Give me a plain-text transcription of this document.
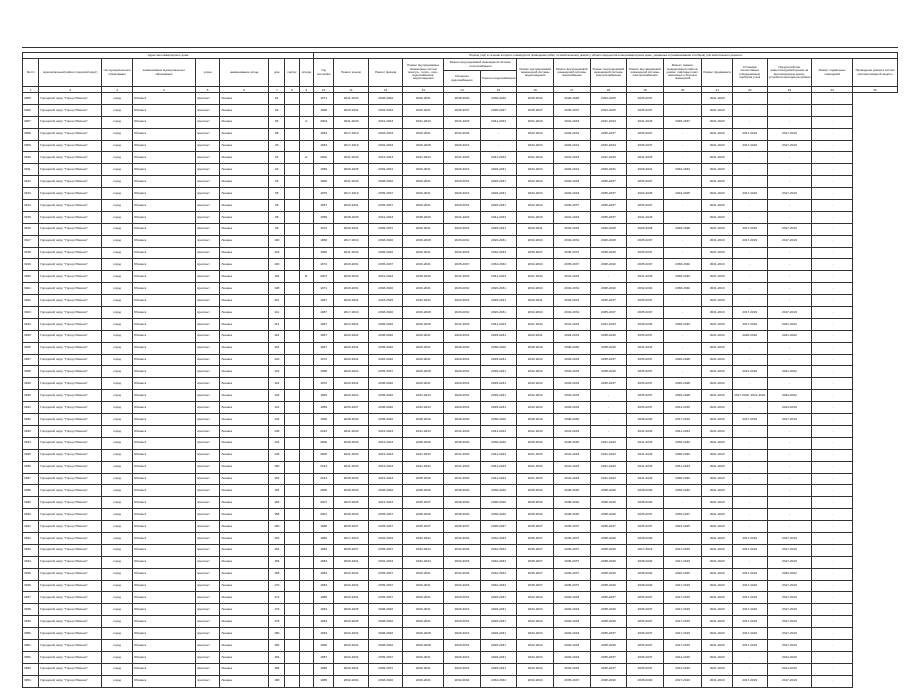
Адрес многоквартирного дома									Период (год) в течение которого планируется проведение работ по капитальному ремонту общего имущества в многоквартирном доме, указанные в (наименование столбцов) для капитального ремонта															
№ п/п	муниципальный район (городской округ)	тип муниципального образования	наименование муниципального образования	улица	наименование улицы	дом	корпус	литера	Год постройки	Ремонт крыши	Ремонт фасада	Ремонт внутридомовых инженерных систем электро-, тепло-, газо-, водоснабжения, водоотведения	Ремонт внутридомовой инженерной системы теплоснабжения		Ремонт внутридомовой инженерной системы водоотведения	Ремонт внутридомовой инженерной системы газоснабжения	Ремонт внутридомовой инженерной системы электроснабжения	Ремонт внутридомовой инженерной системы электроснабжения	Ремонт, замена, модернизация лифтов, ремонт лифтовых шахт, машинных и блочных помещений	Ремонт фундамента	Установка коллективных (общедомовых) приборов учета	Переустройство невентилируемой крыши на вентилируемую крышу, устройство выходов на кровлю	Ремонт подвальных помещений	Проведение ремонта систем противопожарной защиты
													Холодного водоснабжения	Горячего водоснабжения										
1	2	3	4	5	6	7	8	9	10	11	12	13	14	15	16	17	18	19	20	21	22	23	24	25
3905	Городской округ "Город Обнинск"	город	Обнинск	проспект	Ленина	81			1971	2041-2043	2038-2040	2029-2031	2038-2040	2038-2040	2038-2040	2026-2028	2023-2025	2035-2037	-	2041-2043	-	-	-	
3906	Городской округ "Город Обнинск"	город	Обнинск	проспект	Ленина	82			1958	2029-2031	2032-2034	2029-2031	2035-2037	2035-2037	2035-2037	2035-2037	2023-2025	2035-2037	-	2041-2043	-	-	-	
3907	Городской округ "Город Обнинск"	город	Обнинск	проспект	Ленина	83		А	2004	2041-2043	2041-2043	2041-2043	2041-2043	2041-2043	2041-2043	2041-2043	2041-2043	2041-2043	2035-2037	2041-2043	-	-	-	
3908	Городской округ "Город Обнинск"	город	Обнинск	проспект	Ленина	88			1963	2017-2019	2032-2034	2029-2031	2032-2034	-	2032-2034	2029-2031	2035-2037	2035-2037	-	2041-2043	2017-2019	2017-2019	-	
3909	Городской округ "Город Обнинск"	город	Обнинск	проспект	Ленина	90			1963	2017-2019	2032-2034	2026-2028	2029-2031	-	2032-2034	2029-2031	2032-2034	2035-2037	-	2041-2043	2017-2019	2017-2019	-	
3910	Городской округ "Город Обнинск"	город	Обнинск	проспект	Ленина	91		Е	2002	2041-2043	2041-2043	2041-2043	2041-2043	2041-2043	2041-2043	2041-2043	2041-2043	2041-2043	-	2041-2043	-	-	-	
3911	Городской округ "Город Обнинск"	город	Обнинск	проспект	Ленина	92			1968	2026-2028	2029-2031	2029-2031	2029-2031	2029-2031	2032-2034	2029-2031	2029-2031	2029-2031	2032-2034	2041-2043	-	-	-	
3912	Городской округ "Город Обнинск"	город	Обнинск	проспект	Ленина	94			1966	2041-2043	2038-2040	2029-2031	2029-2031	2029-2031	2032-2034	2032-2034	2035-2037	2035-2037	-	2041-2043	-	-	-	
3913	Городской округ "Город Обнинск"	город	Обнинск	проспект	Ленина	95			1975	2017-2019	2035-2037	2029-2031	2029-2031	2029-2031	2032-2034	2032-2034	2035-2037	2023-2025	2023-2025	2041-2043	2017-2019	2017-2019	-	
3914	Городской округ "Город Обнинск"	город	Обнинск	проспект	Ленина	96			1957	2029-2031	2035-2037	2029-2031	2029-2031	2029-2031	2032-2034	2035-2037	2035-2037	2035-2037	-	2041-2043	-	-	-	
3915	Городской округ "Город Обнинск"	город	Обнинск	проспект	Ленина	98			1995	2038-2040	2041-2043	2038-2040	2041-2043	2041-2043	2041-2043	2041-2043	2035-2037	2041-2043	-	2041-2043	-	-	-	
3916	Городской округ "Город Обнинск"	город	Обнинск	проспект	Ленина	99			1972	2029-2031	2035-2037	2029-2031	2029-2031	2029-2031	2029-2031	2032-2034	2026-2028	2026-2028	2026-2028	2041-2043	2017-2019	2017-2019	-	
3917	Городской округ "Город Обнинск"	город	Обнинск	проспект	Ленина	100			1968	2017-2019	2038-2040	2026-2028	2029-2031	2029-2031	2032-2034	2032-2034	2026-2028	2035-2037	-	2041-2043	2017-2019	2017-2019	-	
3918	Городской округ "Город Обнинск"	город	Обнинск	проспект	Ленина	102			1960	2041-2043	2038-2040	2029-2031	2032-2034	2032-2034	2035-2037	2035-2037	2038-2040	2035-2037	-	2041-2043	-	-	-	
3919	Городской округ "Город Обнинск"	город	Обнинск	проспект	Ленина	103			1974	2029-2031	2035-2037	2029-2031	2035-2037	2032-2034	2032-2034	2035-2037	2038-2040	2035-2037	2038-2040	2041-2043	-	-	-	
3920	Городской округ "Город Обнинск"	город	Обнинск	проспект	Ленина	104		В	2007	2026-2043	2041-2043	2038-2040	2041-2043	2041-2043	2041-2043	2041-2043	-	2041-2043	2038-2040	2041-2043	-	-	-	
3921	Городской округ "Город Обнинск"	город	Обнинск	проспект	Ленина	108			1971	2029-2031	2038-2040	2029-2031	2029-2031	2029-2031	2032-2034	2032-2034	2038-2040	2032-2034	2038-2040	2041-2043	-	-	-	
3922	Городской округ "Город Обнинск"	город	Обнинск	проспект	Ленина	110			1967	2032-2034	2023-2025	2032-2034	2029-2031	2029-2031	2029-2031	2029-2031	2035-2037	2035-2037	-	2041-2043	-	-	-	
3923	Городской округ "Город Обнинск"	город	Обнинск	проспект	Ленина	112			1967	2017-2019	2038-2040	2026-2028	2029-2031	2029-2031	2032-2034	2032-2034	2035-2037	2035-2037	-	2041-2043	2017-2019	2017-2019	-	
3924	Городской округ "Город Обнинск"	город	Обнинск	проспект	Ленина	114			1967	2014-2022	2038-2040	2026-2028	2041-2043	2041-2043	2041-2043	2041-2043	2041-2043	2038-2040	2038-2040	2041-2043	2017-2022	2021-2022	-	
3925	Городской округ "Город Обнинск"	город	Обнинск	проспект	Ленина	116			1967	2020-2022	2038-2040	2029-2031	2029-2031	2029-2031	2029-2031	2029-2031	2038-2040	2035-2037	-	2041-2043	2020-2022	2021-2022	-	
3926	Городской округ "Город Обнинск"	город	Обнинск	проспект	Ленина	118			1967	2029-2031	2038-2040	2029-2031	2038-2040	2038-2040	2038-2040	2038-2040	2038-2040	2041-2043	-	2041-2043	-	-	-	
3927	Городской округ "Город Обнинск"	город	Обнинск	проспект	Ленина	120			1972	2029-2031	2026-2040	2029-2031	2029-2031	2029-2031	2032-2034	2032-2034	2035-2037	2035-2037	2026-2028	2041-2043	-	-	-	
3928	Городской округ "Город Обнинск"	город	Обнинск	проспект	Ленина	122			1968	2020-2022	2035-2037	2026-2028	2029-2031	2029-2031	2032-2034	2032-2034	2038-2040	2035-2037	-	2041-2043	2021-2022	2021-2022	-	
3929	Городской округ "Город Обнинск"	город	Обнинск	проспект	Ленина	124			1970	2029-2031	2038-2040	2029-2031	2029-2031	2029-2031	2032-2034	2032-2034	2035-2037	2035-2037	2026-2028	2041-2043	-	-	-	
3930	Городской округ "Город Обнинск"	город	Обнинск	проспект	Ленина	126			1969	2020-2022	2038-2040	2032-2034	2029-2031	2029-2031	2032-2034	2032-2034	-	2035-2037	2026-2028	2041-2043	2017-2019; 2021-2022	2020-2022	-	
3931	Городской округ "Город Обнинск"	город	Обнинск	проспект	Ленина	131			1959	2035-2037	2038-2040	2032-2034	2029-2031	2029-2031	2032-2034	2032-2034	-	2035-2037	2014-2016	2041-2043	-	2014-2016	-	
3932	Городской округ "Город Обнинск"	город	Обнинск	проспект	Ленина	134			1990	2038-2040	2038-2040	2038-2040	2038-2040	2038-2040	2038-2040	2038-2040	-	2038-2040	2017-2019	2041-2043	2017-2019	2017-2019	-	
3933	Городской округ "Город Обнинск"	город	Обнинск	проспект	Ленина	136			2012	2041-2043	2041-2043	2041-2043	2041-2043	2041-2043	2041-2043	2041-2043	-	2041-2043	2041-2043	2041-2043	-	-	-	
3934	Городской округ "Город Обнинск"	город	Обнинск	проспект	Ленина	144			2006	2038-2040	2041-2043	2038-2040	2038-2040	2038-2040	2038-2040	2038-2040	2041-2043	2041-2043	2038-2040	2041-2043	-	-	-	
3935	Городской округ "Город Обнинск"	город	Обнинск	проспект	Ленина	148			2006	2041-2043	2041-2043	2041-2043	2041-2043	2041-2043	2041-2043	2041-2043	2041-2043	2041-2043	2038-2040	2041-2043	-	-	-	
3936	Городской округ "Город Обнинск"	город	Обнинск	проспект	Ленина	150			2014	2041-2043	2041-2043	2041-2043	2041-2043	2041-2043	2041-2043	2041-2043	2041-2043	2041-2043	2041-2043	2041-2043	-	-	-	
3937	Городской округ "Город Обнинск"	город	Обнинск	проспект	Ленина	152			2014	2038-2040	2041-2043	2038-2040	2041-2043	2041-2043	2041-2043	2041-2043	2041-2043	2041-2043	2038-2040	2041-2043	-	-	-	
3938	Городской округ "Город Обнинск"	город	Обнинск	проспект	Ленина	154			2005	2038-2040	2038-2040	2038-2040	2038-2040	2038-2040	2038-2040	2038-2040	2038-2040	2038-2040	2038-2040	2041-2043	-	-	-	
3939	Городской округ "Город Обнинск"	город	Обнинск	проспект	Ленина	156			2007	2023-2025	2041-2043	2035-2037	2038-2040	2038-2040	2038-2040	2038-2040	2038-2040	2038-2040	-	2041-2043	-	-	-	
3940	Городской округ "Город Обнинск"	город	Обнинск	проспект	Ленина	158			2001	2038-2040	2035-2037	2038-2040	2038-2040	2038-2040	2038-2040	2038-2040	2038-2040	2035-2037	2035-2037	2041-2043	-	-	-	
3941	Городской округ "Город Обнинск"	город	Обнинск	проспект	Ленина	160			1988	2035-2037	2035-2037	2035-2037	2035-2037	2035-2037	2035-2037	2035-2037	2035-2037	2035-2037	2023-2025	2041-2043	-	-	-	
3942	Городской округ "Город Обнинск"	город	Обнинск	проспект	Ленина	162			1982	2017-2019	2032-2034	2032-2034	2032-2034	2032-2034	2035-2037	2035-2037	2038-2040	2038-2040	-	2041-2043	2017-2019	2017-2019	-	
3943	Городской округ "Город Обнинск"	город	Обнинск	проспект	Ленина	164			1983	2035-2037	2035-2037	2032-2034	2032-2034	2032-2034	2035-2037	2035-2037	2038-2040	2017-2019	2017-2019	2041-2043	2017-2019	2017-2019	-	
3944	Городской округ "Город Обнинск"	город	Обнинск	проспект	Ленина	166			1984	2029-2031	2032-2034	2032-2034	2032-2034	2032-2034	2035-2037	2035-2037	2038-2040	2038-2040	2017-2019	2041-2043	-	2017-2019	-	
3945	Городской округ "Город Обнинск"	город	Обнинск	проспект	Ленина	168			1984	2032-2034	2035-2037	2029-2031	2032-2034	2032-2034	2035-2037	2035-2037	2038-2040	2038-2040	2020-2022	2041-2043	2017-2019	2020-2022	-	
3946	Городской округ "Город Обнинск"	город	Обнинск	проспект	Ленина	170			1984	2032-2034	2035-2037	2029-2031	2032-2034	2032-2034	2035-2037	2035-2037	2038-2040	2038-2040	2017-2019	2041-2043	2017-2019	2017-2019	-	
3947	Городской округ "Город Обнинск"	город	Обнинск	проспект	Ленина	172			1985	2029-2031	2035-2037	2029-2031	2029-2031	2029-2031	2032-2034	2032-2034	2035-2037	2035-2037	2017-2019	2041-2043	2017-2019	2017-2019	-	
3948	Городской округ "Город Обнинск"	город	Обнинск	проспект	Ленина	176			1994	2026-2028	2038-2040	2029-2031	2029-2031	2029-2031	2032-2034	2032-2034	2038-2040	2035-2037	2017-2019	2041-2043	2017-2019	2017-2019	-	
3949	Городской округ "Город Обнинск"	город	Обнинск	проспект	Ленина	178			1994	2026-2028	2038-2040	2029-2031	2029-2031	2029-2031	2032-2034	2032-2034	2038-2040	2035-2037	2017-2019	2041-2043	2017-2019	2017-2019	-	
3950	Городской округ "Город Обнинск"	город	Обнинск	проспект	Ленина	180			1993	2032-2034	2038-2040	2026-2028	2029-2031	2029-2031	2032-2034	2032-2034	2035-2037	2035-2037	2017-2019	2041-2043	2017-2019	2017-2019	-	
3951	Городской округ "Город Обнинск"	город	Обнинск	проспект	Ленина	182			1990	2032-2034	2038-2040	2026-2028	2029-2031	2029-2031	2032-2034	2032-2034	2038-2040	2035-2037	2017-2019	2041-2043	2017-2019	2017-2019	-	
3952	Городской округ "Город Обнинск"	город	Обнинск	проспект	Ленина	184			1987	2032-2034	2035-2037	2029-2031	2029-2031	2029-2031	2032-2034	2032-2034	2035-2037	2035-2037	2014-2016	2041-2043	-	2014-2016	-	
3953	Городской округ "Город Обнинск"	город	Обнинск	проспект	Ленина	186			1985	2032-2034	2035-2037	2029-2031	2029-2031	2029-2031	2032-2034	2032-2034	2035-2037	2035-2037	2014-2016	2041-2043	-	2014-2016	-	
3954	Городской округ "Город Обнинск"	город	Обнинск	проспект	Ленина	188			1985	2032-2034	2038-2040	2029-2031	2032-2034	2032-2034	2032-2034	2035-2037	2038-2040	2038-2040	2017-2019	2041-2043	2017-2019	2017-2019	-	
